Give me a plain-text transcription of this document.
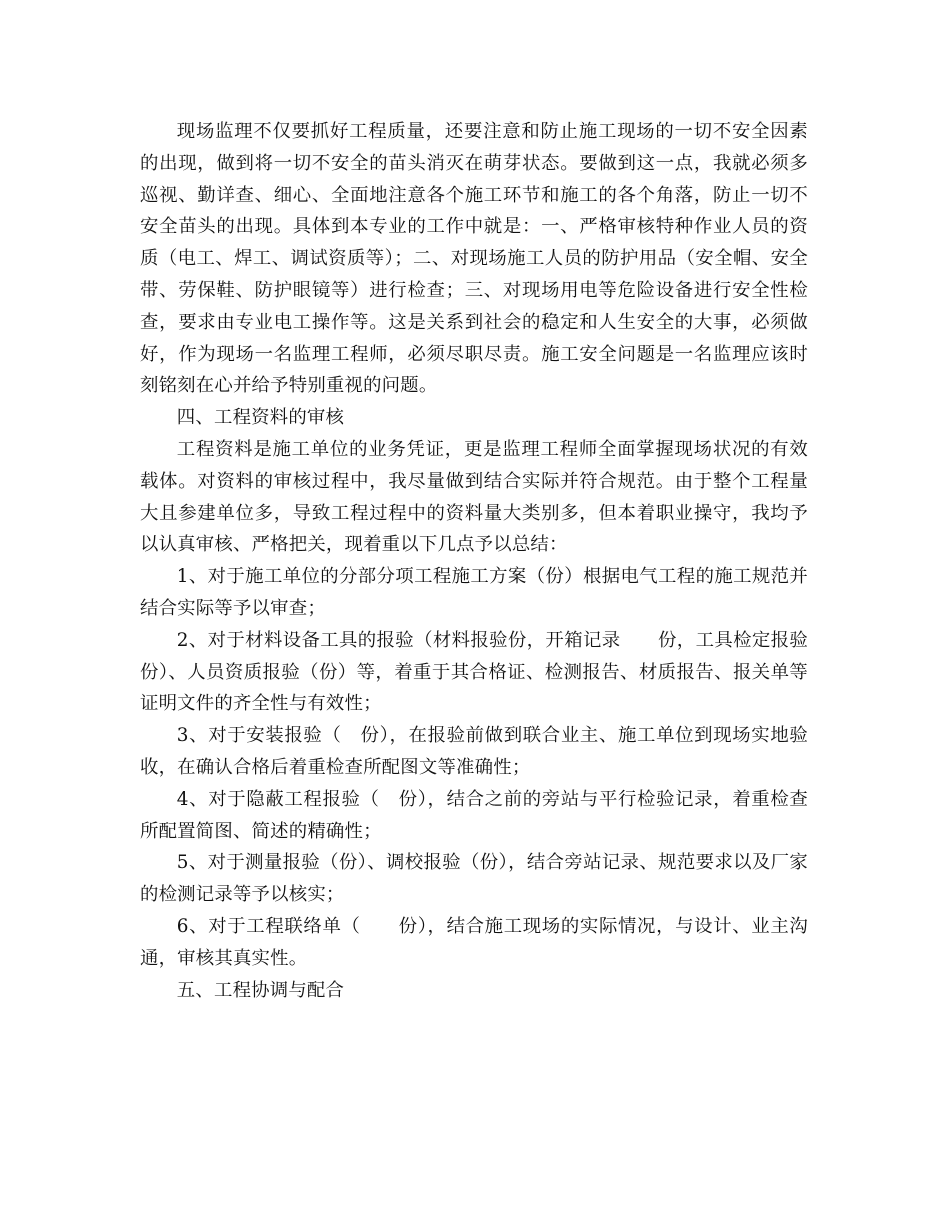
现场监理不仅要抓好工程质量，还要注意和防止施工现场的一切不安全因素的出现，做到将一切不安全的苗头消灭在萌芽状态。要做到这一点，我就必须多巡视、勤详查、细心、全面地注意各个施工环节和施工的各个角落，防止一切不安全苗头的出现。具体到本专业的工作中就是：一、严格审核特种作业人员的资质（电工、焊工、调试资质等）；二、对现场施工人员的防护用品（安全帽、安全带、劳保鞋、防护眼镜等）进行检查；三、对现场用电等危险设备进行安全性检查，要求由专业电工操作等。这是关系到社会的稳定和人生安全的大事，必须做好，作为现场一名监理工程师，必须尽职尽责。施工安全问题是一名监理应该时刻铭刻在心并给予特别重视的问题。

四、工程资料的审核

工程资料是施工单位的业务凭证，更是监理工程师全面掌握现场状况的有效载体。对资料的审核过程中，我尽量做到结合实际并符合规范。由于整个工程量大且参建单位多，导致工程过程中的资料量大类别多，但本着职业操守，我均予以认真审核、严格把关，现着重以下几点予以总结：

1、对于施工单位的分部分项工程施工方案（份）根据电气工程的施工规范并结合实际等予以审查；

2、对于材料设备工具的报验（材料报验份，开箱记录　　份，工具检定报验份）、人员资质报验（份）等，着重于其合格证、检测报告、材质报告、报关单等证明文件的齐全性与有效性；

3、对于安装报验（　份），在报验前做到联合业主、施工单位到现场实地验收，在确认合格后着重检查所配图文等准确性；

4、对于隐蔽工程报验（　份），结合之前的旁站与平行检验记录，着重检查所配置简图、简述的精确性；

5、对于测量报验（份）、调校报验（份），结合旁站记录、规范要求以及厂家的检测记录等予以核实；

6、对于工程联络单（　　份），结合施工现场的实际情况，与设计、业主沟通，审核其真实性。

五、工程协调与配合
